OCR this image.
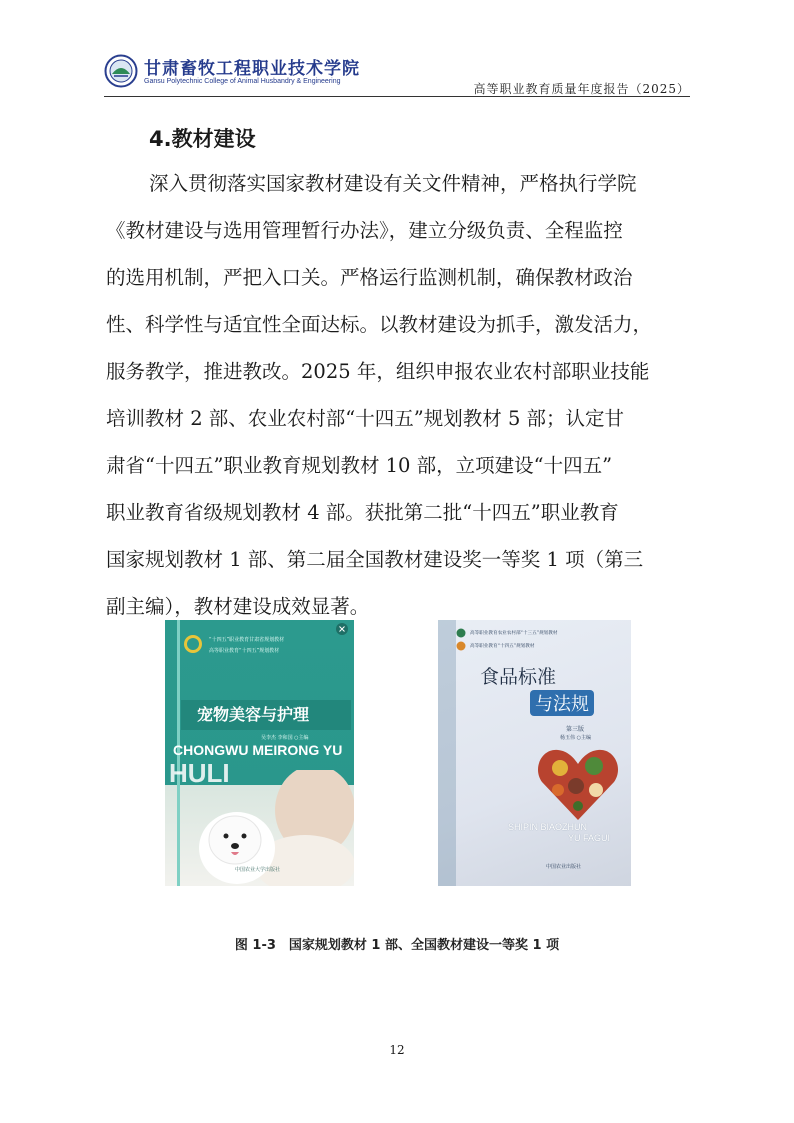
甘肃畜牧工程职业技术学院
Gansu Polytechnic College of Animal Husbandry & Engineering
高等职业教育质量年度报告（2025）
4.教材建设
深入贯彻落实国家教材建设有关文件精神，严格执行学院
《教材建设与选用管理暂行办法》，建立分级负责、全程监控
的选用机制，严把入口关。严格运行监测机制，确保教材政治
性、科学性与适宜性全面达标。以教材建设为抓手，激发活力，
服务教学，推进教改。2025 年，组织申报农业农村部职业技能
培训教材 2 部、农业农村部“十四五”规划教材 5 部；认定甘
肃省“十四五”职业教育规划教材 10 部，立项建设“十四五”
职业教育省级规划教材 4 部。获批第二批“十四五”职业教育
国家规划教材 1 部、第二届全国教材建设奖一等奖 1 项（第三
副主编），教材建设成效显著。
“十四五”职业教育甘肃省规划教材
高等职业教育“十四五”规划教材
宠物美容与护理
吴李杰 李和国 ○主编
CHONGWU MEIRONG YU
HULI
中国农业大学出版社
高等职业教育农业农村部“十三五”规划教材
高等职业教育“十四五”规划教材
食品标准
与法规
第三版
杨玉伟 ○主编
SHIPIN BIAOZHUN
YU FAGUI
中国农业出版社
图 1-3　国家规划教材 1 部、全国教材建设一等奖 1 项
12
